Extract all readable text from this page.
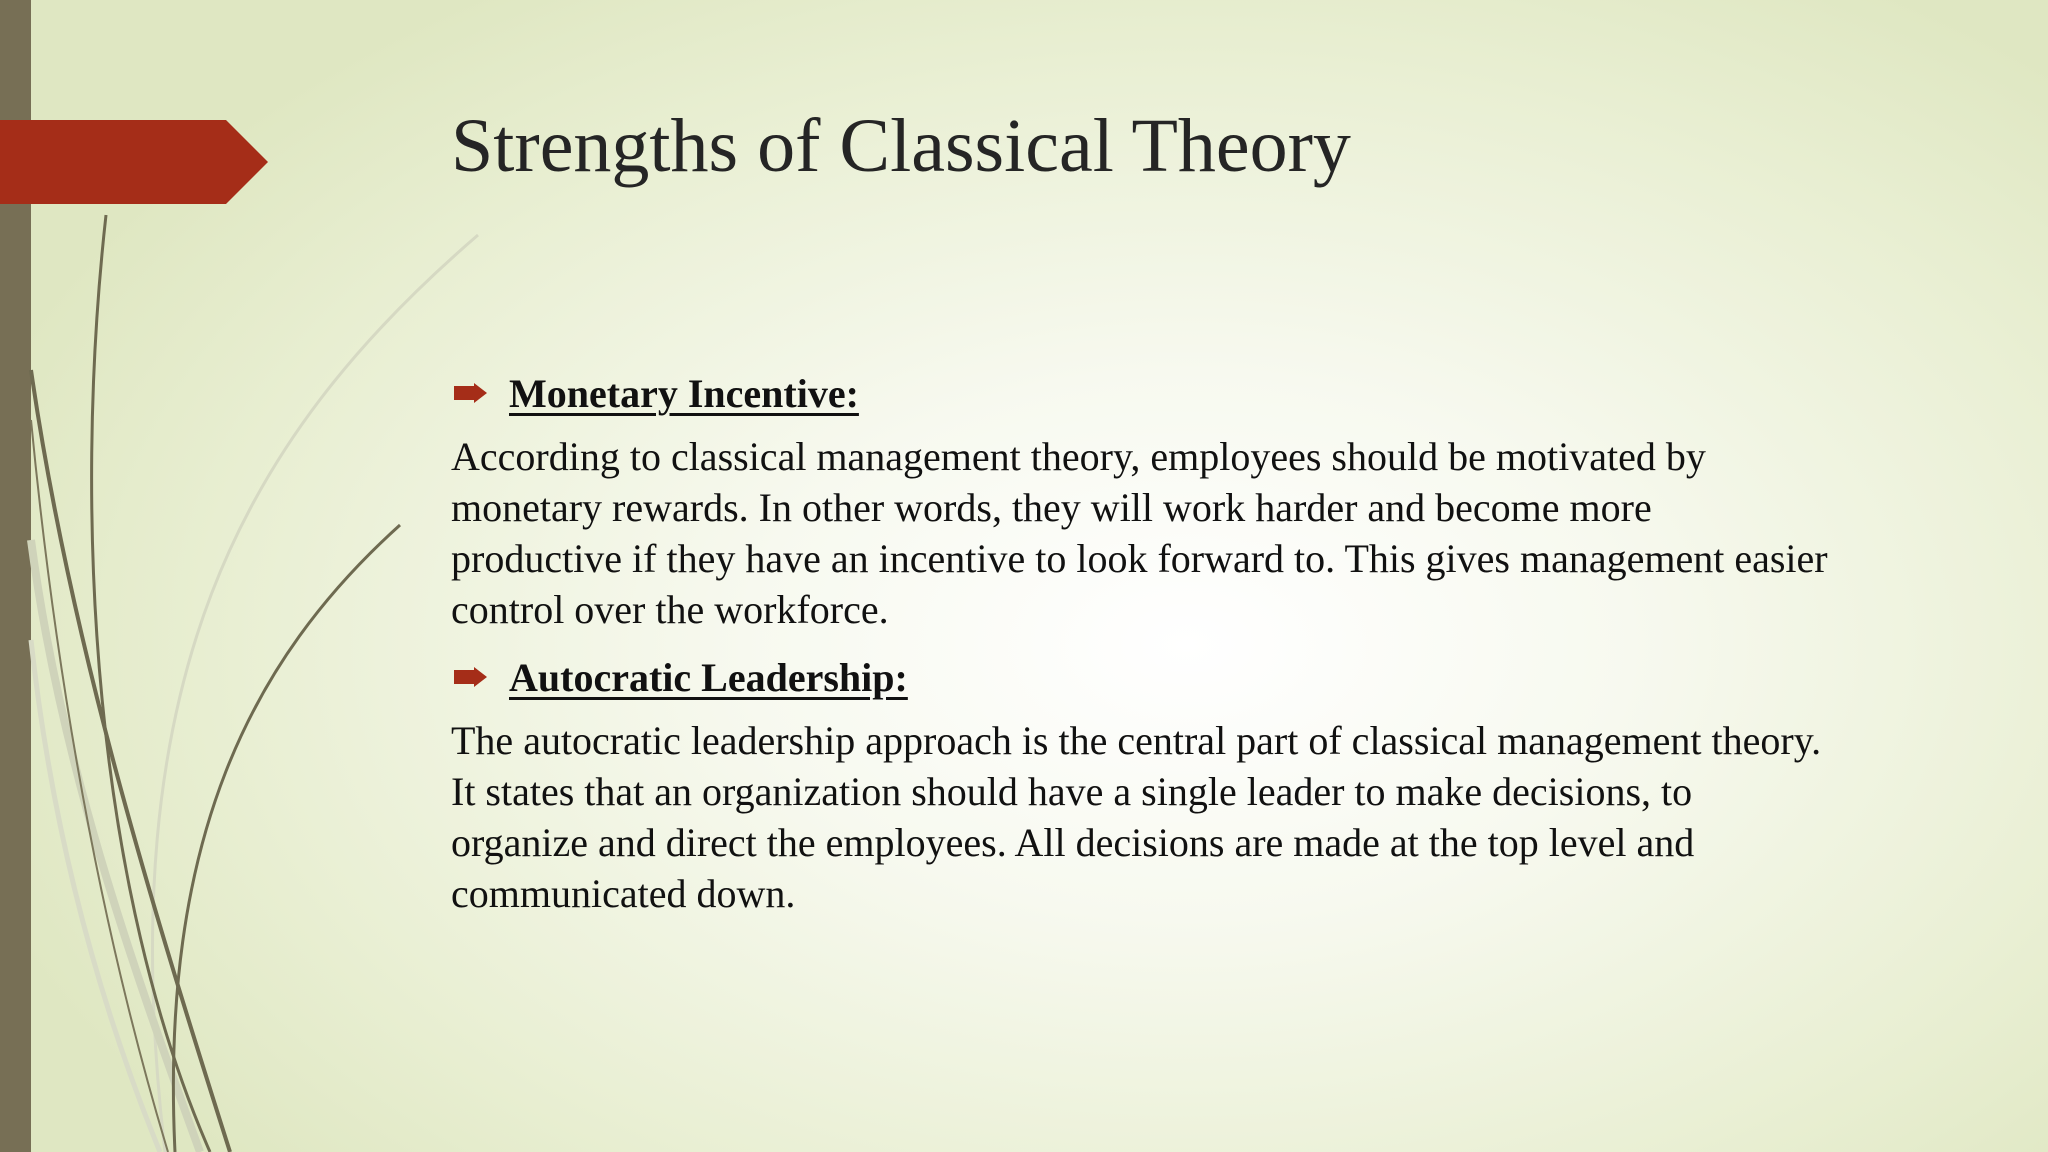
Strengths of Classical Theory
Monetary Incentive:

According to classical management theory, employees should be motivated by
monetary rewards. In other words, they will work harder and become more
productive if they have an incentive to look forward to. This gives management easier
control over the workforce.

Autocratic Leadership:

The autocratic leadership approach is the central part of classical management theory.
It states that an organization should have a single leader to make decisions, to
organize and direct the employees. All decisions are made at the top level and
communicated down.
